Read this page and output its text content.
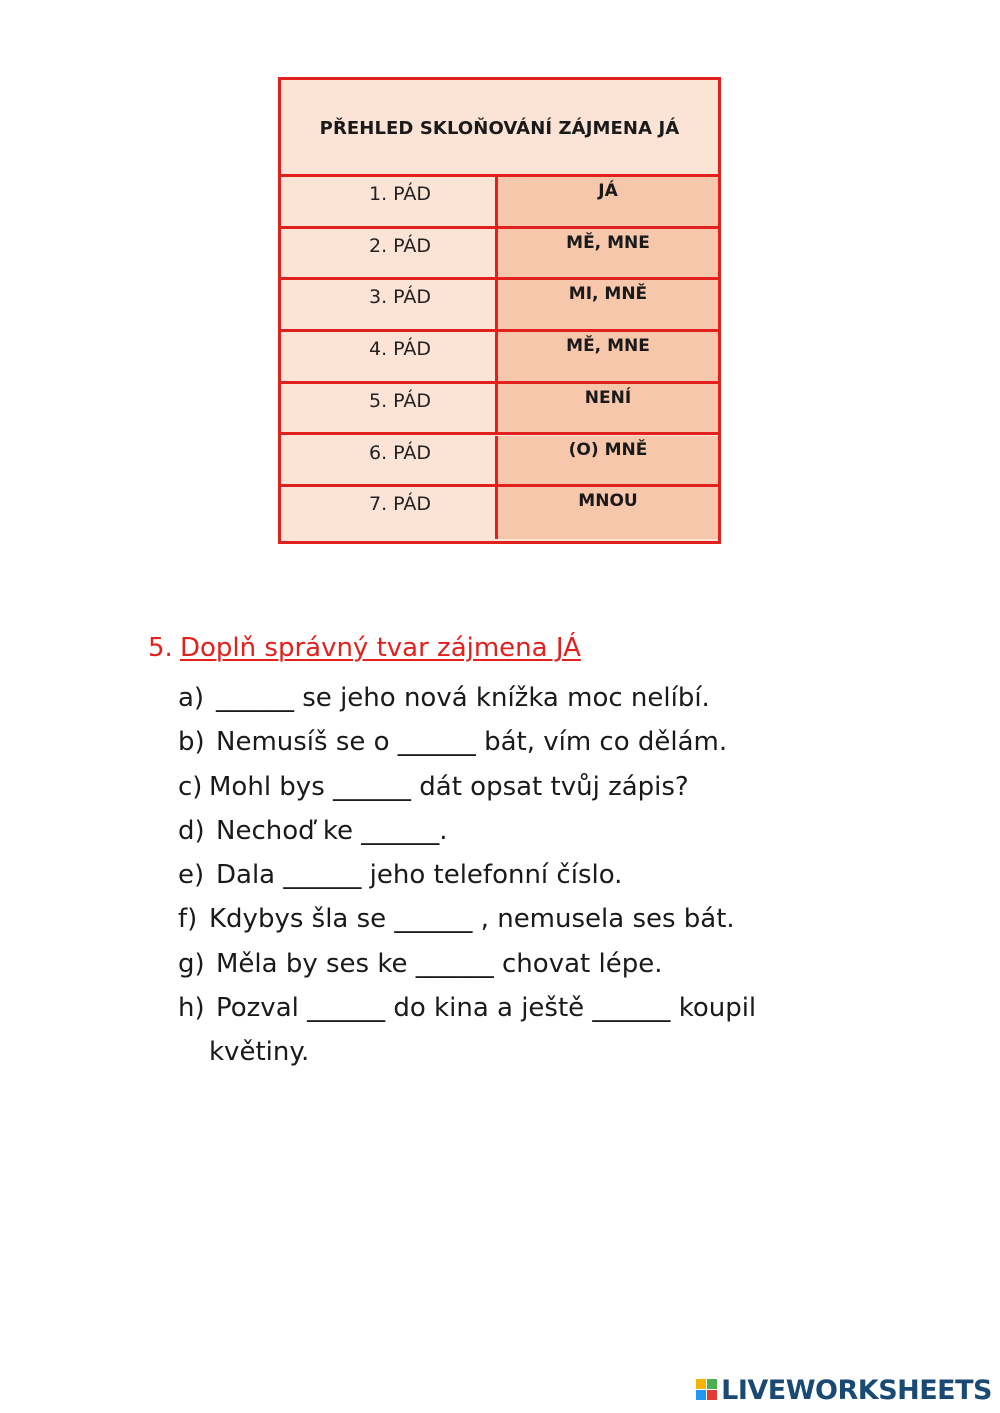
PŘEHLED SKLOŇOVÁNÍ ZÁJMENA JÁ
1. PÁD	JÁ
2. PÁD	MĚ, MNE
3. PÁD	MI, MNĚ
4. PÁD	MĚ, MNE
5. PÁD	NENÍ
6. PÁD	(O) MNĚ
7. PÁD	MNOU
5. Doplň správný tvar zájmena JÁ
a) ______ se jeho nová knížka moc nelíbí.
b) Nemusíš se o ______ bát, vím co dělám.
c) Mohl bys ______ dát opsat tvůj zápis?
d) Nechoď ke ______.
e) Dala ______ jeho telefonní číslo.
f) Kdybys šla se ______ , nemusela ses bát.
g) Měla by ses ke ______ chovat lépe.
h) Pozval ______ do kina a ještě ______ koupil
květiny.
LIVEWORKSHEETS
